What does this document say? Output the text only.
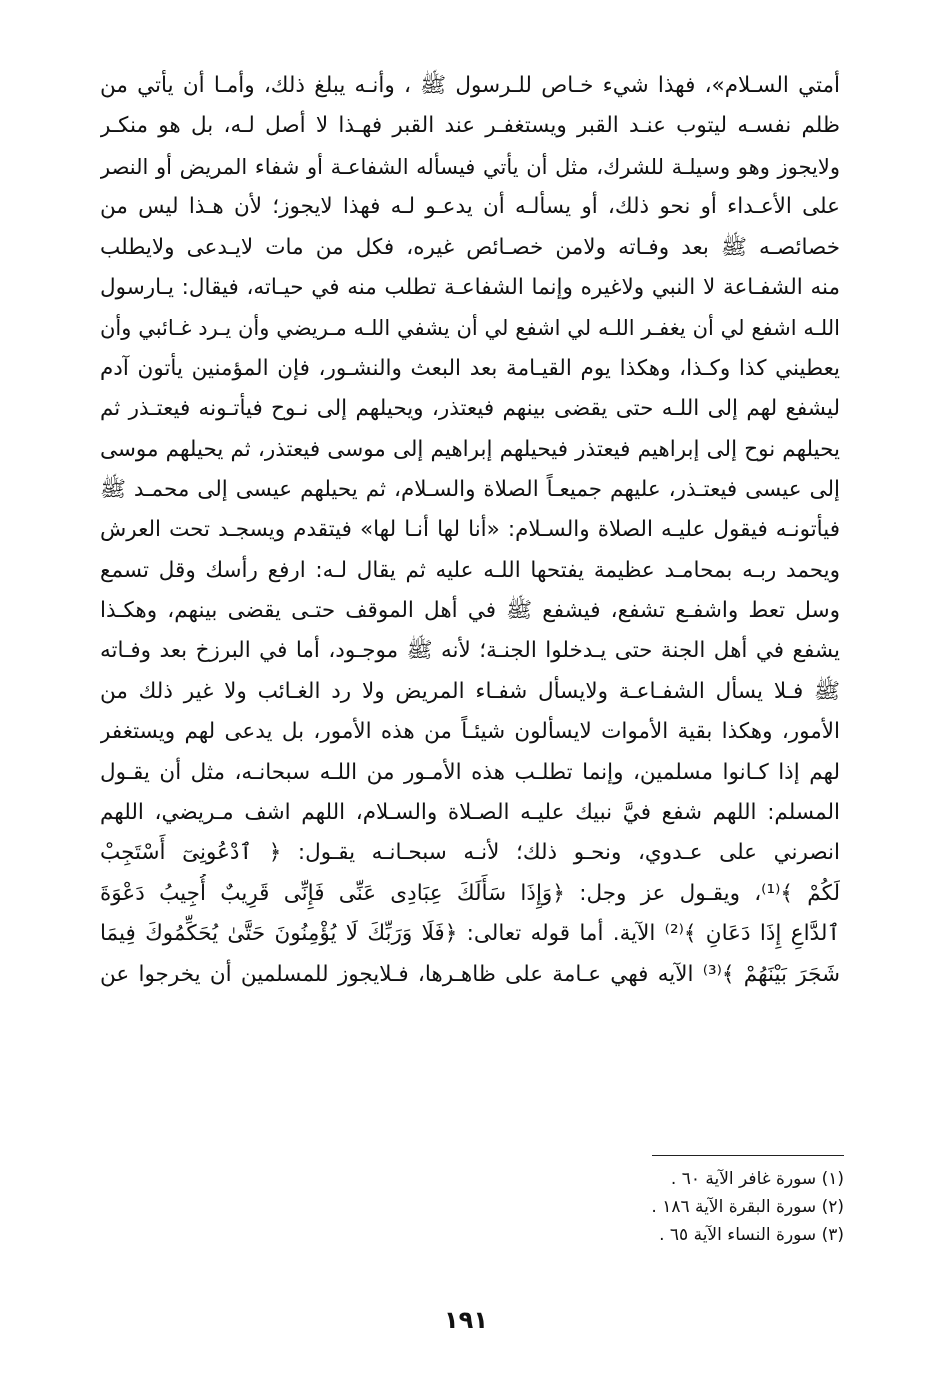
أمتي السـلام»، فهذا شيء خـاص للـرسول ﷺ ، وأنـه يبلغ ذلك، وأمـا أن يأتي من
ظلم نفسـه ليتوب عنـد القبر ويستغفـر عند القبر فهـذا لا أصل لـه، بل هو منكـر
ولايجوز وهو وسيلـة للشرك، مثل أن يأتي فيسأله الشفاعـة أو شفاء المريض أو النصر
على الأعـداء أو نحو ذلك، أو يسألـه أن يدعـو لـه فهذا لايجوز؛ لأن هـذا ليس من
خصائصـه ﷺ بعد وفـاته ولامن خصـائص غيره، فكل من مات لايـدعى ولايطلب
منه الشفـاعة لا النبي ولاغيره وإنما الشفاعـة تطلب منه في حيـاته، فيقال: يـارسول
اللـه اشفع لي أن يغفـر اللـه لي اشفع لي أن يشفي اللـه مـريضي وأن يـرد غـائبي وأن
يعطيني كذا وكـذا، وهكذا يوم القيـامة بعد البعث والنشـور، فإن المؤمنين يأتون آدم
ليشفع لهم إلى اللـه حتى يقضى بينهم فيعتذر، ويحيلهم إلى نـوح فيأتـونه فيعتـذر ثم
يحيلهم نوح إلى إبراهيم فيعتذر فيحيلهم إبراهيم إلى موسى فيعتذر، ثم يحيلهم موسى
إلى عيسى فيعتـذر، عليهم جميعـاً الصلاة والسـلام، ثم يحيلهم عيسى إلى محمـد ﷺ
فيأتونـه فيقول عليـه الصلاة والسـلام: «أنا لها أنـا لها» فيتقدم ويسجـد تحت العرش
ويحمد ربـه بمحامـد عظيمة يفتحها اللـه عليه ثم يقال لـه: ارفع رأسك وقل تسمع
وسل تعط واشفـع تشفع، فيشفع ﷺ في أهل الموقف حتـى يقضى بينهم، وهكـذا
يشفع في أهل الجنة حتى يـدخلوا الجنـة؛ لأنه ﷺ موجـود، أما في البرزخ بعد وفـاته
ﷺ فـلا يسأل الشفـاعـة ولايسأل شفـاء المريض ولا رد الغـائب ولا غير ذلك من
الأمور، وهكذا بقية الأموات لايسألون شيئـاً من هذه الأمور، بل يدعى لهم ويستغفر
لهم إذا كـانوا مسلمين، وإنما تطلـب هذه الأمـور من اللـه سبحانـه، مثل أن يقـول
المسلم: اللهم شفع فيَّ نبيك عليـه الصـلاة والسـلام، اللهم اشف مـريضي، اللهم
انصرني على عـدوي، ونحـو ذلك؛ لأنـه سبحـانـه يقـول: ﴿ ٱدْعُونِىٓ أَسْتَجِبْ
لَكُمْ ﴾⁽¹⁾، ويقـول عز وجل: ﴿وَإِذَا سَأَلَكَ عِبَادِى عَنِّى فَإِنِّى قَرِيبٌ أُجِيبُ دَعْوَةَ
ٱلدَّاعِ إِذَا دَعَانِ ﴾⁽²⁾ الآية. أما قوله تعالى: ﴿فَلَا وَرَبِّكَ لَا يُؤْمِنُونَ حَتَّىٰ يُحَكِّمُوكَ فِيمَا
شَجَرَ بَيْنَهُمْ ﴾⁽³⁾ الآيه فهي عـامة على ظاهـرها، فـلايجوز للمسلمين أن يخرجوا عن
(١) سورة غافر الآية ٦٠ .
(٢) سورة البقرة الآية ١٨٦ .
(٣) سورة النساء الآية ٦٥ .
١٩١
